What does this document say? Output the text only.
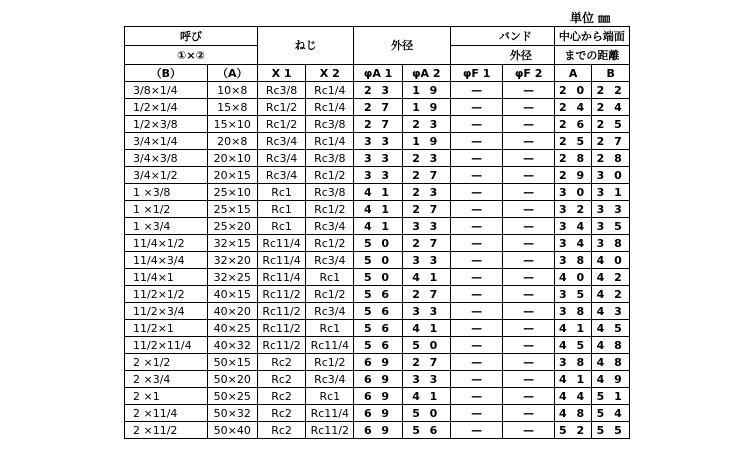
単位 ㎜
呼び		ねじ		外径		バンド		中心から端面	
①×②						外径		までの距離	
（B）	（A）	X 1	X 2	φA 1	φA 2	φF 1	φF 2	A	B
3/8×1/4	10×8	Rc3/8	Rc1/4	2 3	1 9	—	—	2 0	2 2
1/2×1/4	15×8	Rc1/2	Rc1/4	2 7	1 9	—	—	2 4	2 4
1/2×3/8	15×10	Rc1/2	Rc3/8	2 7	2 3	—	—	2 6	2 5
3/4×1/4	20×8	Rc3/4	Rc1/4	3 3	1 9	—	—	2 5	2 7
3/4×3/8	20×10	Rc3/4	Rc3/8	3 3	2 3	—	—	2 8	2 8
3/4×1/2	20×15	Rc3/4	Rc1/2	3 3	2 7	—	—	2 9	3 0
1 ×3/8	25×10	Rc1	Rc3/8	4 1	2 3	—	—	3 0	3 1
1 ×1/2	25×15	Rc1	Rc1/2	4 1	2 7	—	—	3 2	3 3
1 ×3/4	25×20	Rc1	Rc3/4	4 1	3 3	—	—	3 4	3 5
11/4×1/2	32×15	Rc11/4	Rc1/2	5 0	2 7	—	—	3 4	3 8
11/4×3/4	32×20	Rc11/4	Rc3/4	5 0	3 3	—	—	3 8	4 0
11/4×1	32×25	Rc11/4	Rc1	5 0	4 1	—	—	4 0	4 2
11/2×1/2	40×15	Rc11/2	Rc1/2	5 6	2 7	—	—	3 5	4 2
11/2×3/4	40×20	Rc11/2	Rc3/4	5 6	3 3	—	—	3 8	4 3
11/2×1	40×25	Rc11/2	Rc1	5 6	4 1	—	—	4 1	4 5
11/2×11/4	40×32	Rc11/2	Rc11/4	5 6	5 0	—	—	4 5	4 8
2 ×1/2	50×15	Rc2	Rc1/2	6 9	2 7	—	—	3 8	4 8
2 ×3/4	50×20	Rc2	Rc3/4	6 9	3 3	—	—	4 1	4 9
2 ×1	50×25	Rc2	Rc1	6 9	4 1	—	—	4 4	5 1
2 ×11/4	50×32	Rc2	Rc11/4	6 9	5 0	—	—	4 8	5 4
2 ×11/2	50×40	Rc2	Rc11/2	6 9	5 6	—	—	5 2	5 5
